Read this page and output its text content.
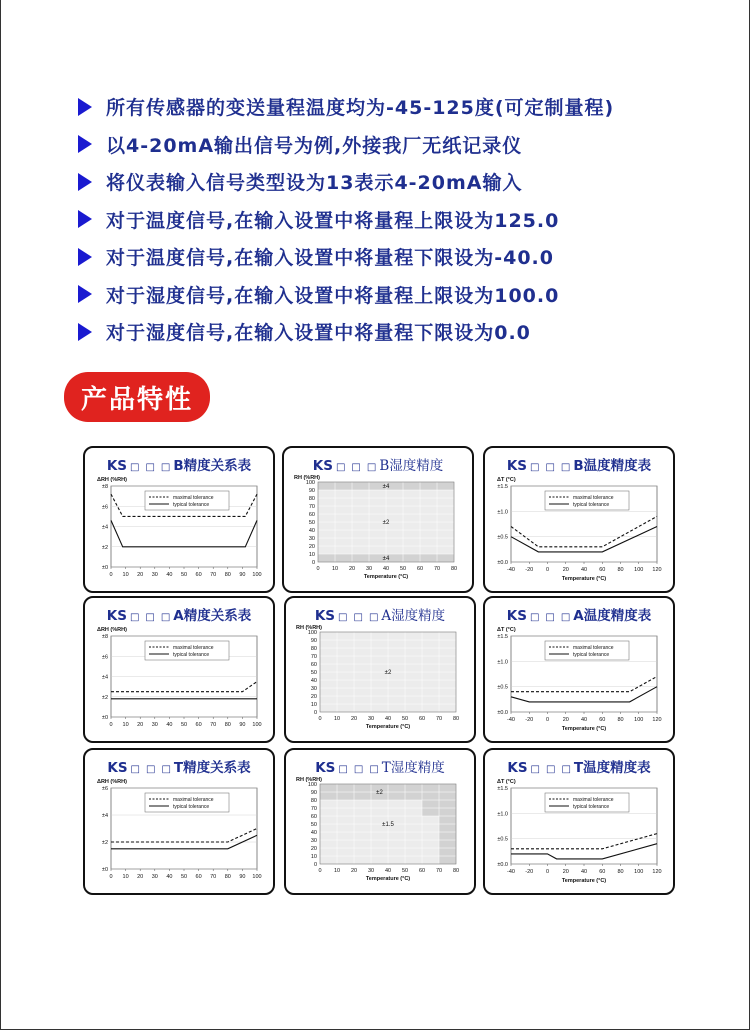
所有传感器的变送量程温度均为-45-125度(可定制量程)
以4-20mA输出信号为例,外接我厂无纸记录仪
将仪表输入信号类型设为13表示4-20mA输入
对于温度信号,在输入设置中将量程上限设为125.0
对于温度信号,在输入设置中将量程下限设为-40.0
对于湿度信号,在输入设置中将量程上限设为100.0
对于湿度信号,在输入设置中将量程下限设为0.0
产品特性
KS □ □ □ B精度关系表
ΔRH (%RH)
±0
±2
±4
±6
±8
0 10 20 30 40 50 60 70 80 90 100
maximal tolerance
typical tolerance
KS □ □ □ B湿度精度
RH (%RH)
0
10
20
30
40
50
60
70
80
90
100
0 10 20 30 40 50 60 70 80
±4
±2
±4
Temperature (°C)
KS □ □ □ B温度精度表
ΔT (°C)
±0.0
±0.5
±1.0
±1.5
-40 -20 0 20 40 60 80 100 120
Temperature (°C)
maximal tolerance
typical tolerance
KS □ □ □ A精度关系表
ΔRH (%RH)
±0
±2
±4
±6
±8
0 10 20 30 40 50 60 70 80 90 100
maximal tolerance
typical tolerance
KS □ □ □ A湿度精度
RH (%RH)
0
10
20
30
40
50
60
70
80
90
100
0 10 20 30 40 50 60 70 80
±2
Temperature (°C)
KS □ □ □ A温度精度表
ΔT (°C)
±0.0
±0.5
±1.0
±1.5
-40 -20 0 20 40 60 80 100 120
Temperature (°C)
maximal tolerance
typical tolerance
KS □ □ □ T精度关系表
ΔRH (%RH)
±0
±2
±4
±6
0 10 20 30 40 50 60 70 80 90 100
maximal tolerance
typical tolerance
KS □ □ □ T湿度精度
RH (%RH)
0
10
20
30
40
50
60
70
80
90
100
0 10 20 30 40 50 60 70 80
±1.5
±2
Temperature (°C)
KS □ □ □ T温度精度表
ΔT (°C)
±0.0
±0.5
±1.0
±1.5
-40 -20 0 20 40 60 80 100 120
Temperature (°C)
maximal tolerance
typical tolerance
